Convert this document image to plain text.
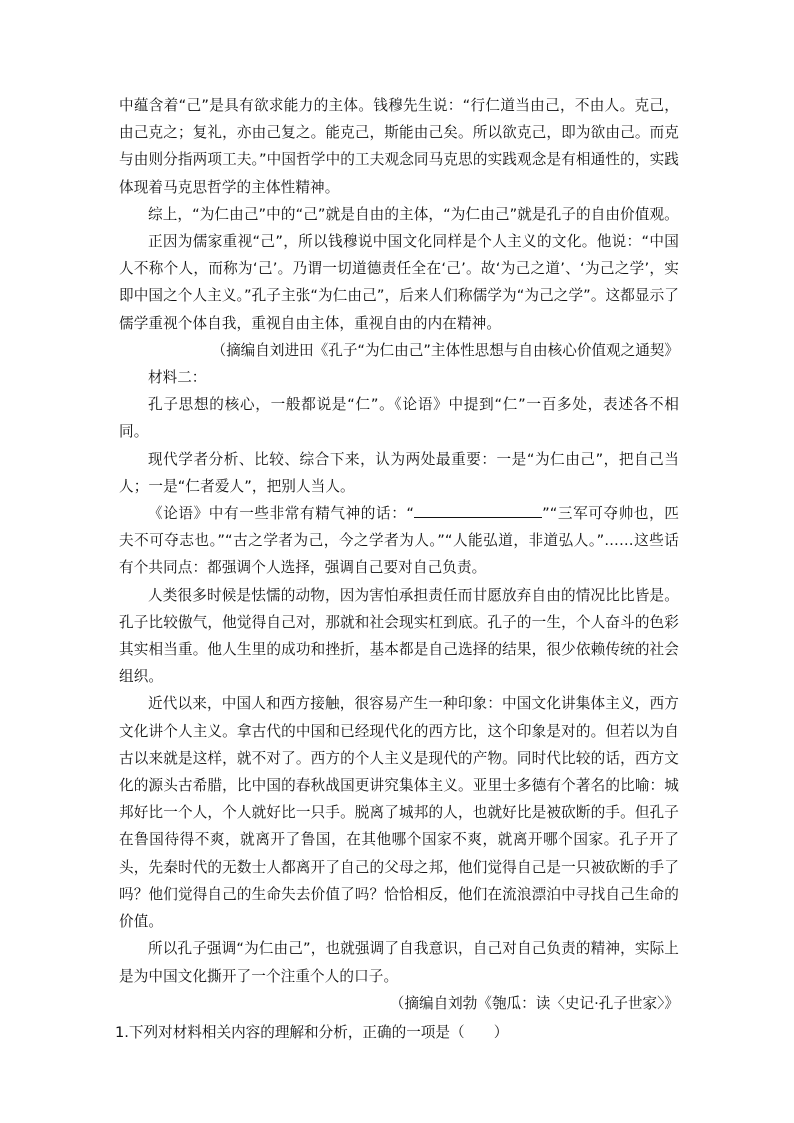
中蕴含着“己”是具有欲求能力的主体。钱穆先生说：“行仁道当由己，不由人。克己，由己克之；复礼，亦由己复之。能克己，斯能由己矣。所以欲克己，即为欲由己。而克与由则分指两项工夫。”中国哲学中的工夫观念同马克思的实践观念是有相通性的，实践体现着马克思哲学的主体性精神。

综上，“为仁由己”中的“己”就是自由的主体，“为仁由己”就是孔子的自由价值观。

正因为儒家重视“己”，所以钱穆说中国文化同样是个人主义的文化。他说：“中国人不称个人，而称为‘己’。乃谓一切道德责任全在‘己’。故‘为己之道’、‘为己之学’，实即中国之个人主义。”孔子主张“为仁由己”，后来人们称儒学为“为己之学”。这都显示了儒学重视个体自我，重视自由主体，重视自由的内在精神。

（摘编自刘进田《孔子“为仁由己”主体性思想与自由核心价值观之通契》

材料二：

孔子思想的核心，一般都说是“仁”。《论语》中提到“仁”一百多处，表述各不相同。

现代学者分析、比较、综合下来，认为两处最重要：一是“为仁由己”，把自己当人；一是“仁者爱人”，把别人当人。

《论语》中有一些非常有精气神的话：“	”“三军可夺帅也，匹夫不可夺志也。”“古之学者为己，今之学者为人。”“人能弘道，非道弘人。”……这些话有个共同点：都强调个人选择，强调自己要对自己负责。

人类很多时候是怯懦的动物，因为害怕承担责任而甘愿放弃自由的情况比比皆是。孔子比较傲气，他觉得自己对，那就和社会现实杠到底。孔子的一生，个人奋斗的色彩其实相当重。他人生里的成功和挫折，基本都是自己选择的结果，很少依赖传统的社会组织。

近代以来，中国人和西方接触，很容易产生一种印象：中国文化讲集体主义，西方文化讲个人主义。拿古代的中国和已经现代化的西方比，这个印象是对的。但若以为自古以来就是这样，就不对了。西方的个人主义是现代的产物。同时代比较的话，西方文化的源头古希腊，比中国的春秋战国更讲究集体主义。亚里士多德有个著名的比喻：城邦好比一个人，个人就好比一只手。脱离了城邦的人，也就好比是被砍断的手。但孔子在鲁国待得不爽，就离开了鲁国，在其他哪个国家不爽，就离开哪个国家。孔子开了头，先秦时代的无数士人都离开了自己的父母之邦，他们觉得自己是一只被砍断的手了吗？他们觉得自己的生命失去价值了吗？恰恰相反，他们在流浪漂泊中寻找自己生命的价值。

所以孔子强调“为仁由己”，也就强调了自我意识，自己对自己负责的精神，实际上是为中国文化撕开了一个注重个人的口子。

（摘编自刘勃《匏瓜：读〈史记·孔子世家〉》

1.下列对材料相关内容的理解和分析，正确的一项是（　　）
